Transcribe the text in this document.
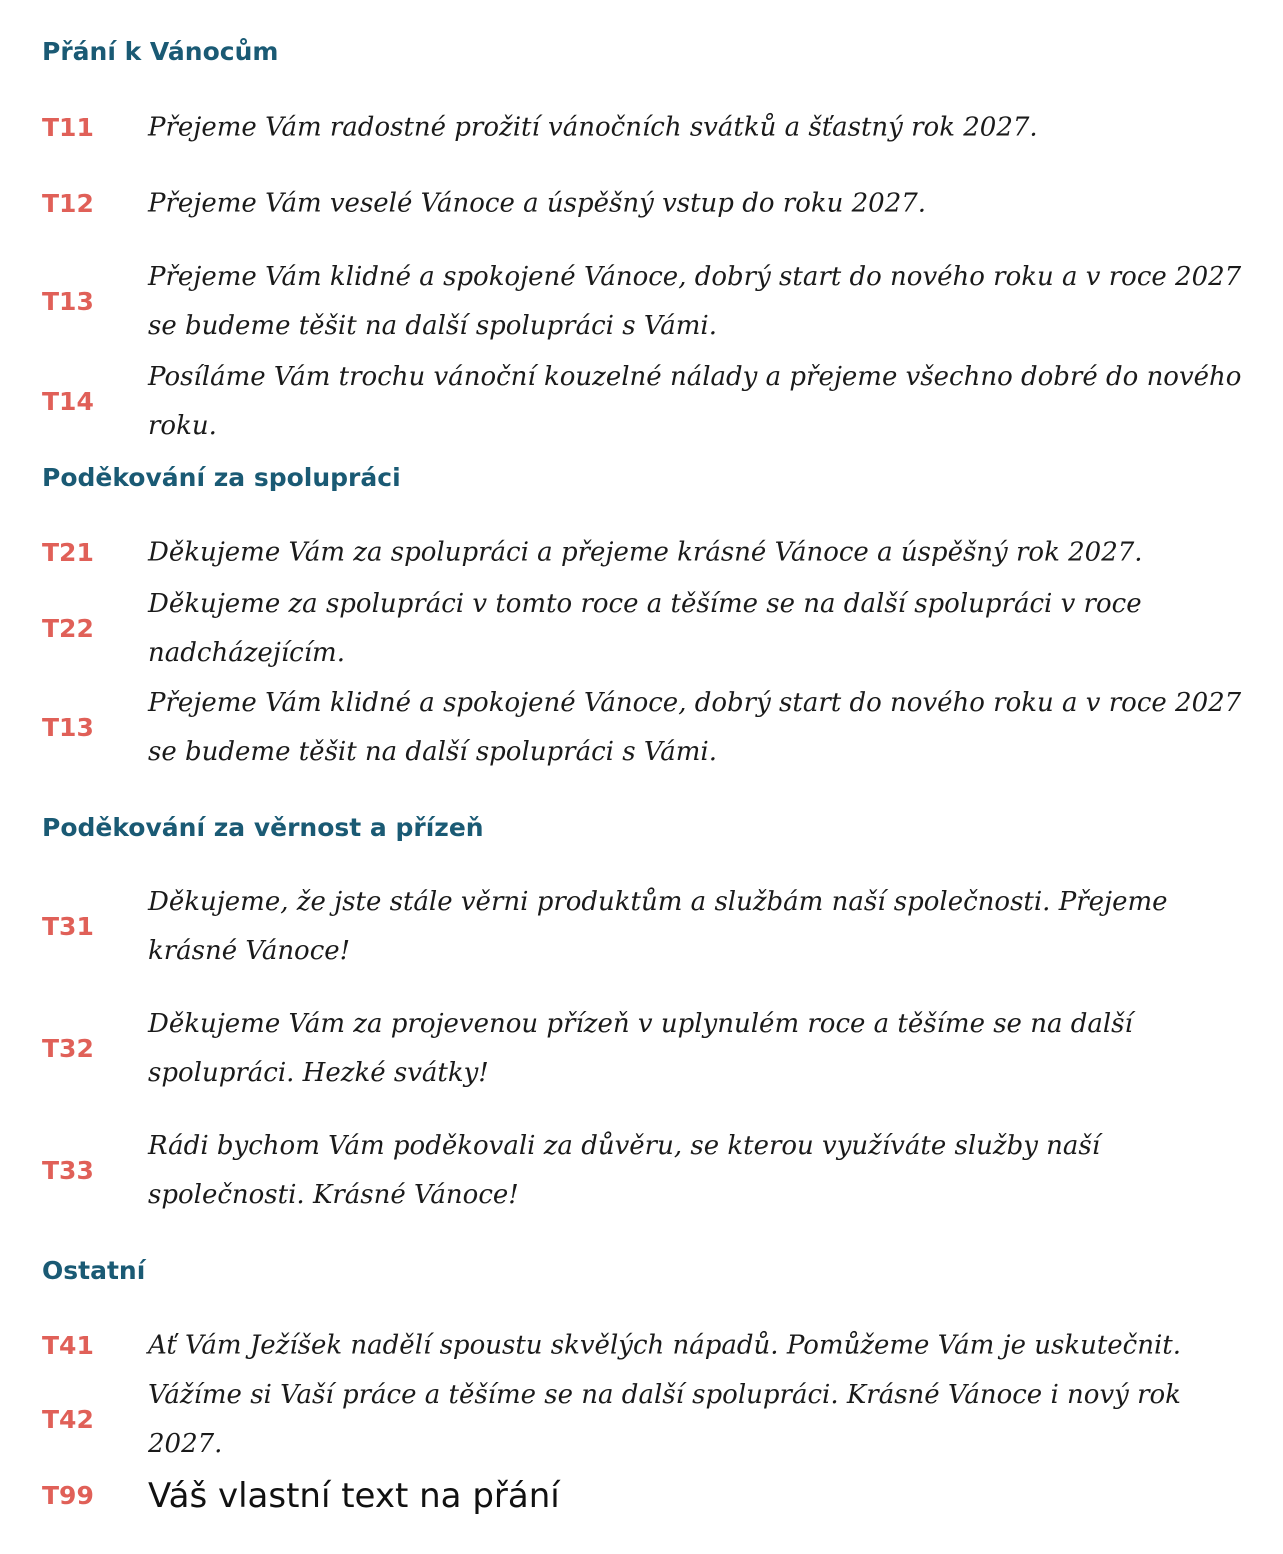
Přání k Vánocům
T11 Přejeme Vám radostné prožití vánočních svátků a šťastný rok 2027.
T12 Přejeme Vám veselé Vánoce a úspěšný vstup do roku 2027.
T13
Přejeme Vám klidné a spokojené Vánoce, dobrý start do nového roku a v roce 2027 se budeme těšit na další spolupráci s Vámi.
T14
Posíláme Vám trochu vánoční kouzelné nálady a přejeme všechno dobré do nového roku.
Poděkování za spolupráci
T21 Děkujeme Vám za spolupráci a přejeme krásné Vánoce a úspěšný rok 2027.
T22
Děkujeme za spolupráci v tomto roce a těšíme se na další spolupráci v roce nadcházejícím.
T13
Přejeme Vám klidné a spokojené Vánoce, dobrý start do nového roku a v roce 2027 se budeme těšit na další spolupráci s Vámi.
Poděkování za věrnost a přízeň
T31
Děkujeme, že jste stále věrni produktům a službám naší společnosti. Přejeme krásné Vánoce!
T32
Děkujeme Vám za projevenou přízeň v uplynulém roce a těšíme se na další spolupráci. Hezké svátky!
T33
Rádi bychom Vám poděkovali za důvěru, se kterou využíváte služby naší společnosti. Krásné Vánoce!
Ostatní
T41 Ať Vám Ježíšek nadělí spoustu skvělých nápadů. Pomůžeme Vám je uskutečnit.
T42
Vážíme si Vaší práce a těšíme se na další spolupráci. Krásné Vánoce i nový rok 2027.
T99 Váš vlastní text na přání
